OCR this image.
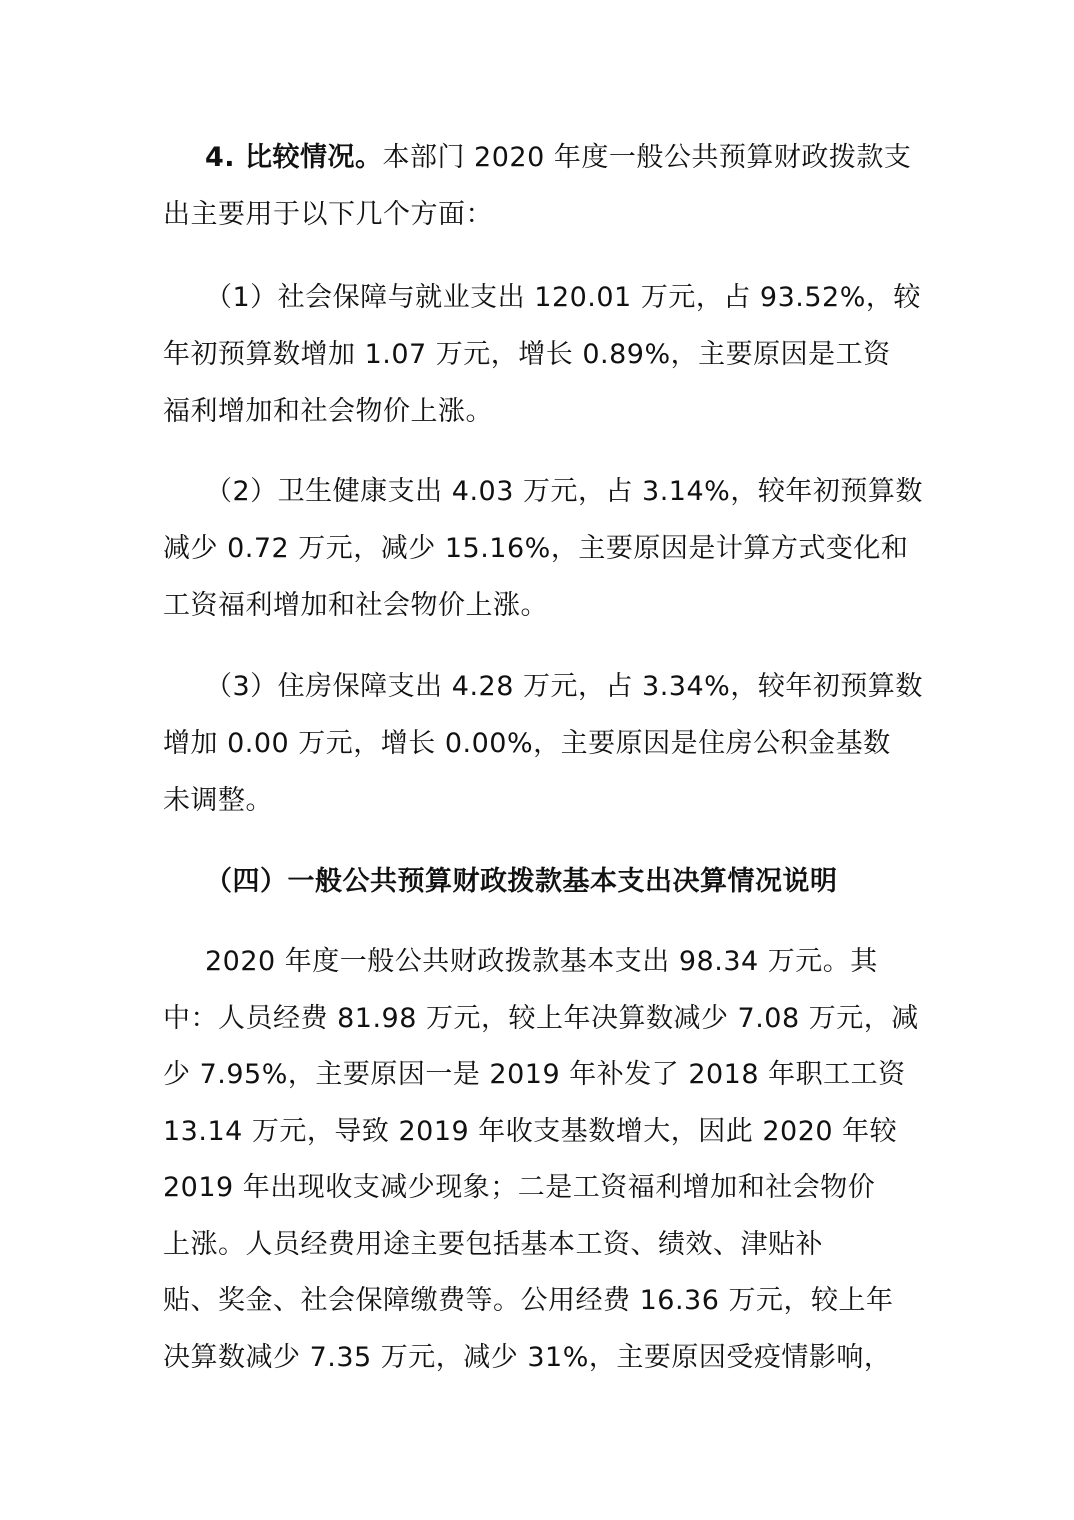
4. 比较情况。本部门 2020 年度一般公共预算财政拨款支
出主要用于以下几个方面：
（1）社会保障与就业支出 120.01 万元，占 93.52%，较
年初预算数增加 1.07 万元，增长 0.89%，主要原因是工资
福利增加和社会物价上涨。
（2）卫生健康支出 4.03 万元，占 3.14%，较年初预算数
减少 0.72 万元，减少 15.16%，主要原因是计算方式变化和
工资福利增加和社会物价上涨。
（3）住房保障支出 4.28 万元，占 3.34%，较年初预算数
增加 0.00 万元，增长 0.00%，主要原因是住房公积金基数
未调整。
（四）一般公共预算财政拨款基本支出决算情况说明
2020 年度一般公共财政拨款基本支出 98.34 万元。其
中：人员经费 81.98 万元，较上年决算数减少 7.08 万元，减
少 7.95%，主要原因一是 2019 年补发了 2018 年职工工资
13.14 万元，导致 2019 年收支基数增大，因此 2020 年较
2019 年出现收支减少现象；二是工资福利增加和社会物价
上涨。人员经费用途主要包括基本工资、绩效、津贴补
贴、奖金、社会保障缴费等。公用经费 16.36 万元，较上年
决算数减少 7.35 万元，减少 31%，主要原因受疫情影响，
